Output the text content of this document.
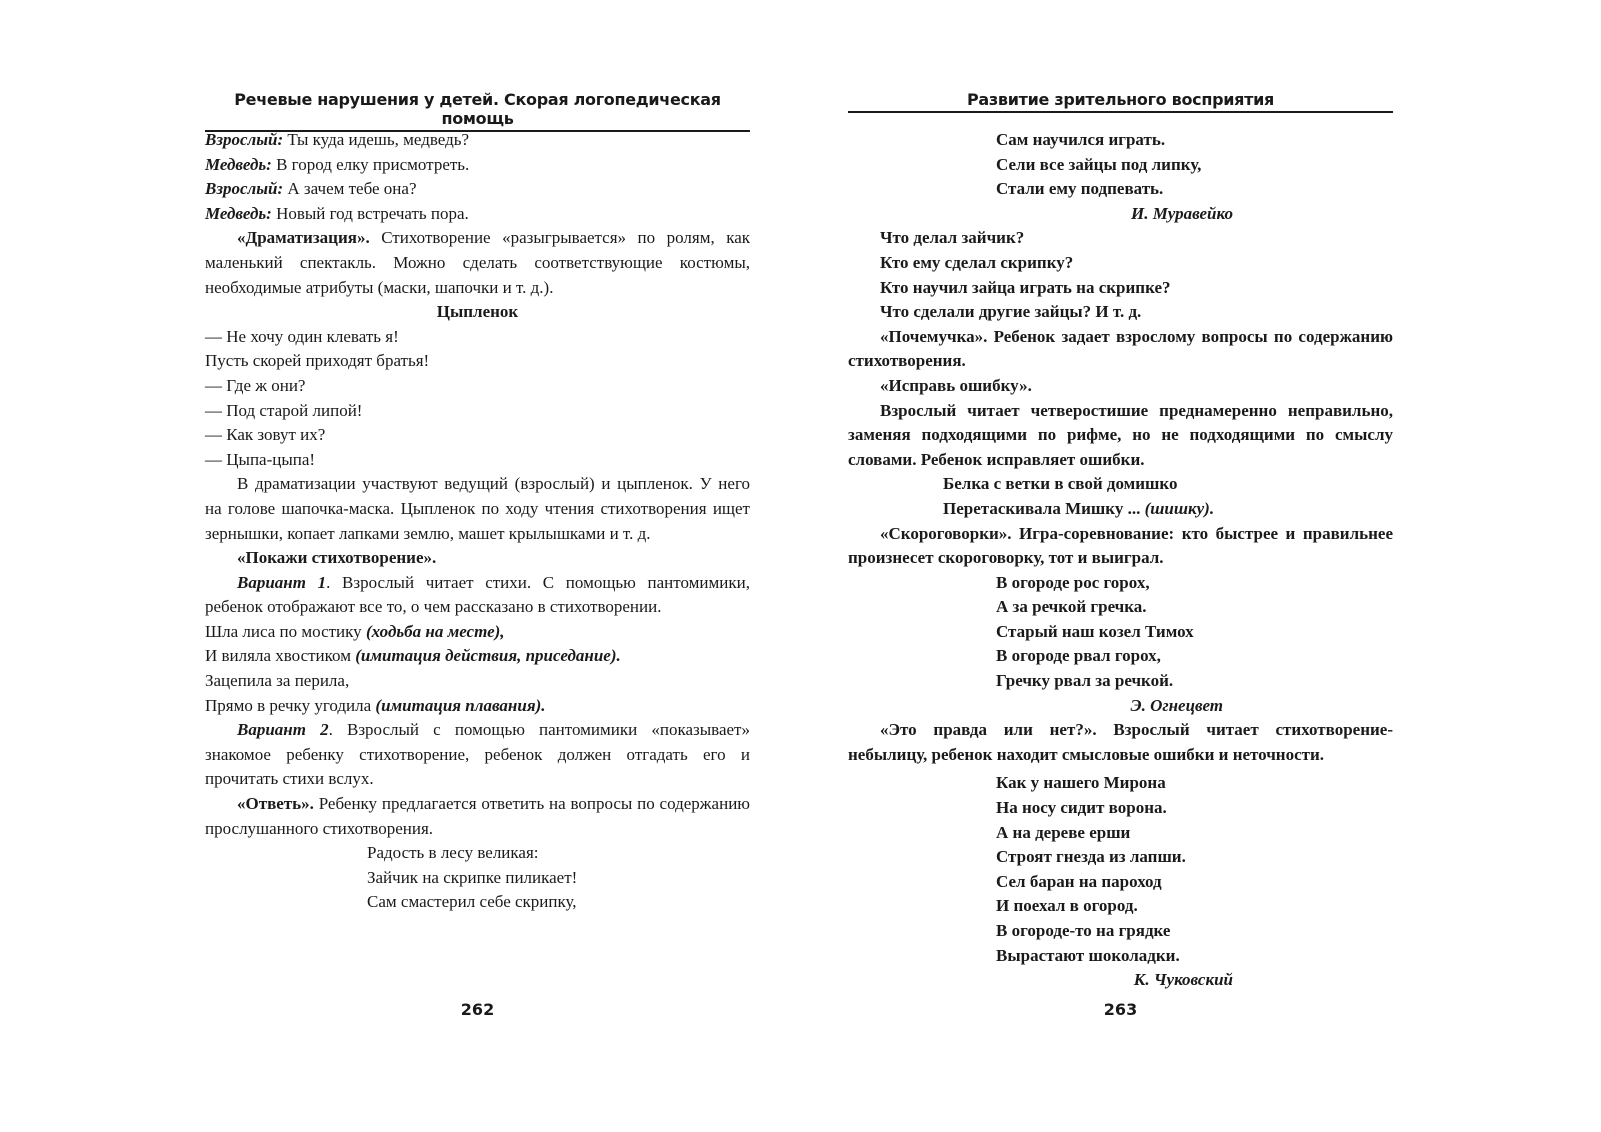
Речевые нарушения у детей. Скорая логопедическая помощь

Взрослый: Ты куда идешь, медведь?

Медведь: В город елку присмотреть.

Взрослый: А зачем тебе она?

Медведь: Новый год встречать пора.

«Драматизация». Стихотворение «разыгрывается» по ролям, как маленький спектакль. Можно сделать соответствующие костюмы, необходимые атрибуты (маски, шапочки и т. д.).

Цыпленок

— Не хочу один клевать я!

Пусть скорей приходят братья!

— Где ж они?

— Под старой липой!

— Как зовут их?

— Цыпа-цыпа!

В драматизации участвуют ведущий (взрослый) и цыпленок. У него на голове шапочка-маска. Цыпленок по ходу чтения стихотворения ищет зернышки, копает лапками землю, машет крылышками и т. д.

«Покажи стихотворение».

Вариант 1. Взрослый читает стихи. С помощью пантомимики, ребенок отображают все то, о чем рассказано в стихотворении.

Шла лиса по мостику (ходьба на месте),

И виляла хвостиком (имитация действия, приседание).

Зацепила за перила,

Прямо в речку угодила (имитация плавания).

Вариант 2. Взрослый с помощью пантомимики «показывает» знакомое ребенку стихотворение, ребенок должен отгадать его и прочитать стихи вслух.

«Ответь». Ребенку предлагается ответить на вопросы по содержанию прослушанного стихотворения.

Радость в лесу великая:

Зайчик на скрипке пиликает!

Сам смастерил себе скрипку,

262
Развитие зрительного восприятия

Сам научился играть.

Сели все зайцы под липку,

Стали ему подпевать.

И. Муравейко

Что делал зайчик?

Кто ему сделал скрипку?

Кто научил зайца играть на скрипке?

Что сделали другие зайцы? И т. д.

«Почемучка». Ребенок задает взрослому вопросы по содержанию стихотворения.

«Исправь ошибку».

Взрослый читает четверостишие преднамеренно неправильно, заменяя подходящими по рифме, но не подходящими по смыслу словами. Ребенок исправляет ошибки.

Белка с ветки в свой домишко

Перетаскивала Мишку ... (шишку).

«Скороговорки». Игра-соревнование: кто быстрее и правильнее произнесет скороговорку, тот и выиграл.

В огороде рос горох,

А за речкой гречка.

Старый наш козел Тимох

В огороде рвал горох,

Гречку рвал за речкой.

Э. Огнецвет

«Это правда или нет?». Взрослый читает стихотворение-небылицу, ребенок находит смысловые ошибки и неточности.

Как у нашего Мирона

На носу сидит ворона.

А на дереве ерши

Строят гнезда из лапши.

Сел баран на пароход

И поехал в огород.

В огороде-то на грядке

Вырастают шоколадки.

К. Чуковский

263
